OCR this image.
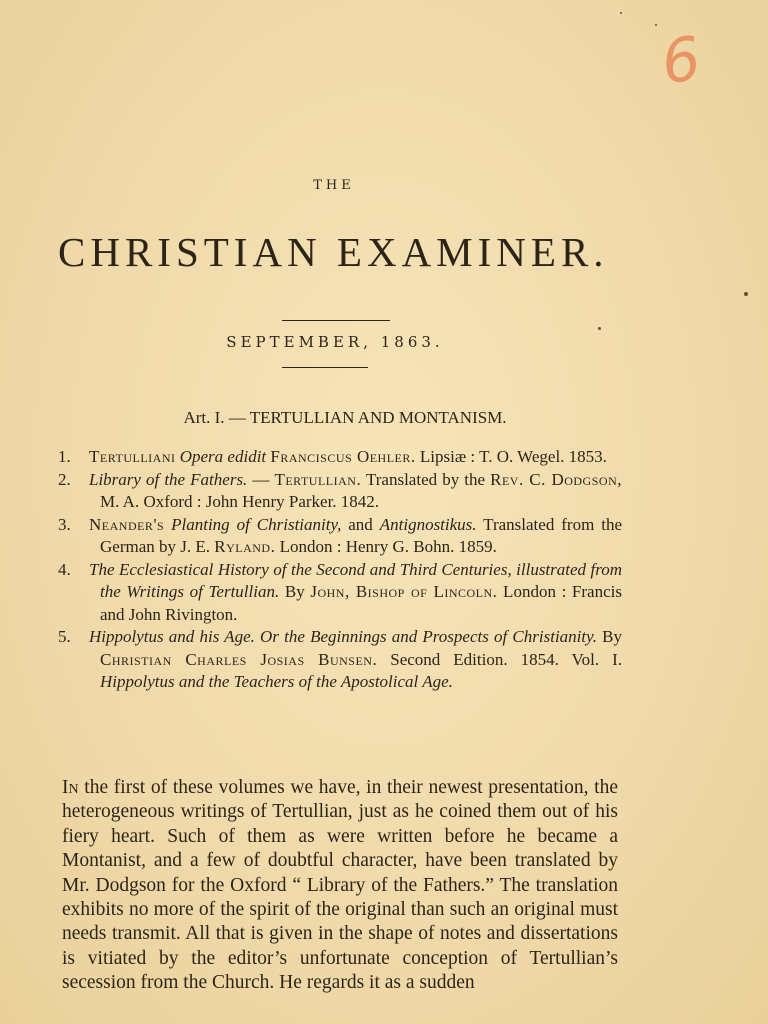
6
THE
CHRISTIAN EXAMINER.
SEPTEMBER, 1863.
Art. I. — TERTULLIAN AND MONTANISM.
1. Tertulliani Opera edidit Franciscus Oehler. Lipsiæ : T. O. Wegel. 1853.
2. Library of the Fathers. — Tertullian. Translated by the Rev. C. Dodgson, M. A. Oxford : John Henry Parker. 1842.
3. Neander's Planting of Christianity, and Antignostikus. Translated from the German by J. E. Ryland. London : Henry G. Bohn. 1859.
4. The Ecclesiastical History of the Second and Third Centuries, illustrated from the Writings of Tertullian. By John, Bishop of Lincoln. London : Francis and John Rivington.
5. Hippolytus and his Age. Or the Beginnings and Prospects of Christianity. By Christian Charles Josias Bunsen. Second Edition. 1854. Vol. I. Hippolytus and the Teachers of the Apostolical Age.

In the first of these volumes we have, in their newest presentation, the heterogeneous writings of Tertullian, just as he coined them out of his fiery heart. Such of them as were written before he became a Montanist, and a few of doubtful character, have been translated by Mr. Dodgson for the Oxford “ Library of the Fathers.” The translation exhibits no more of the spirit of the original than such an original must needs transmit. All that is given in the shape of notes and dissertations is vitiated by the editor’s unfortunate conception of Tertullian’s secession from the Church. He regards it as a sudden
